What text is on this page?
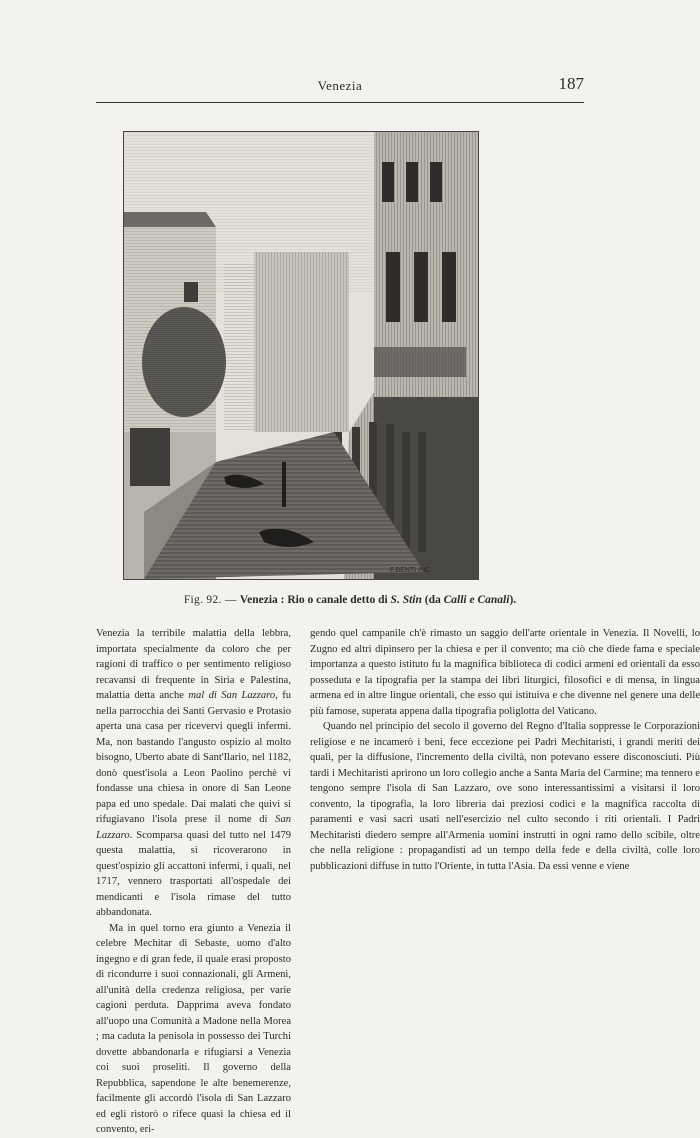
Venezia	187
F.BENTI INC
Fig. 92. — Venezia : Rio o canale detto di S. Stin (da Calli e Canali).

Venezia la terribile malattia della lebbra, importata specialmente da coloro che per ragioni di traffico o per sentimento religioso recavansi di frequente in Siria e Palestina, malattia detta anche mal di San Lazzaro, fu nella parrocchia dei Santi Gervasio e Protasio aperta una casa per ricevervi quegli infermi. Ma, non bastando l'angusto ospizio al molto bisogno, Uberto abate di Sant'Ilario, nel 1182, donò quest'isola a Leon Paolino perchè vi fondasse una chiesa in onore di San Leone papa ed uno spedale. Dai malati che quivi si rifugiavano l'isola prese il nome di San Lazzaro. Scomparsa quasi del tutto nel 1479 questa malattia, si ricoverarono in quest'ospizio gli accattoni infermi, i quali, nel 1717, vennero trasportati all'ospedale dei mendicanti e l'isola rimase del tutto abbandonata.

Ma in quel torno era giunto a Venezia il celebre Mechitar di Sebaste, uomo d'alto ingegno e di gran fede, il quale erasi proposto di ricondurre i suoi connazionali, gli Armeni, all'unità della credenza religiosa, per varie cagioni perduta. Dapprima aveva fondato all'uopo una Comunità a Madone nella Morea ; ma caduta la penisola in possesso dei Turchi dovette abbandonarla e rifugiarsi a Venezia coi suoi proseliti. Il governo della Repubblica, sapendone le alte benemerenze, facilmente gli accordò l'isola di San Lazzaro ed egli ristorò o rifece quasi la chiesa ed il convento, eri-

gendo quel campanile ch'è rimasto un saggio dell'arte orientale in Venezia. Il Novelli, lo Zugno ed altri dipinsero per la chiesa e per il convento; ma ciò che diede fama e speciale importanza a questo istituto fu la magnifica biblioteca di codici armeni ed orientali da esso posseduta e la tipografia per la stampa dei libri liturgici, filosofici e di mensa, in lingua armena ed in altre lingue orientali, che esso qui istituiva e che divenne nel genere una delle più famose, superata appena dalla tipografia poliglotta del Vaticano.

Quando nel principio del secolo il governo del Regno d'Italia soppresse le Corporazioni religiose e ne incamerò i beni, fece eccezione pei Padri Mechitaristi, i grandi meriti dei quali, per la diffusione, l'incremento della civiltà, non potevano essere disconosciuti. Più tardi i Mechitaristi aprirono un loro collegio anche a Santa Maria del Carmine; ma tennero e tengono sempre l'isola di San Lazzaro, ove sono interessantissimi a visitarsi il loro convento, la tipografia, la loro libreria dai preziosi codici e la magnifica raccolta di paramenti e vasi sacri usati nell'esercizio nel culto secondo i riti orientali. I Padri Mechitaristi diedero sempre all'Armenia uomini instrutti in ogni ramo dello scibile, oltre che nella religione : propagandisti ad un tempo della fede e della civiltà, colle loro pubblicazioni diffuse in tutto l'Oriente, in tutta l'Asia. Da essi venne e viene
